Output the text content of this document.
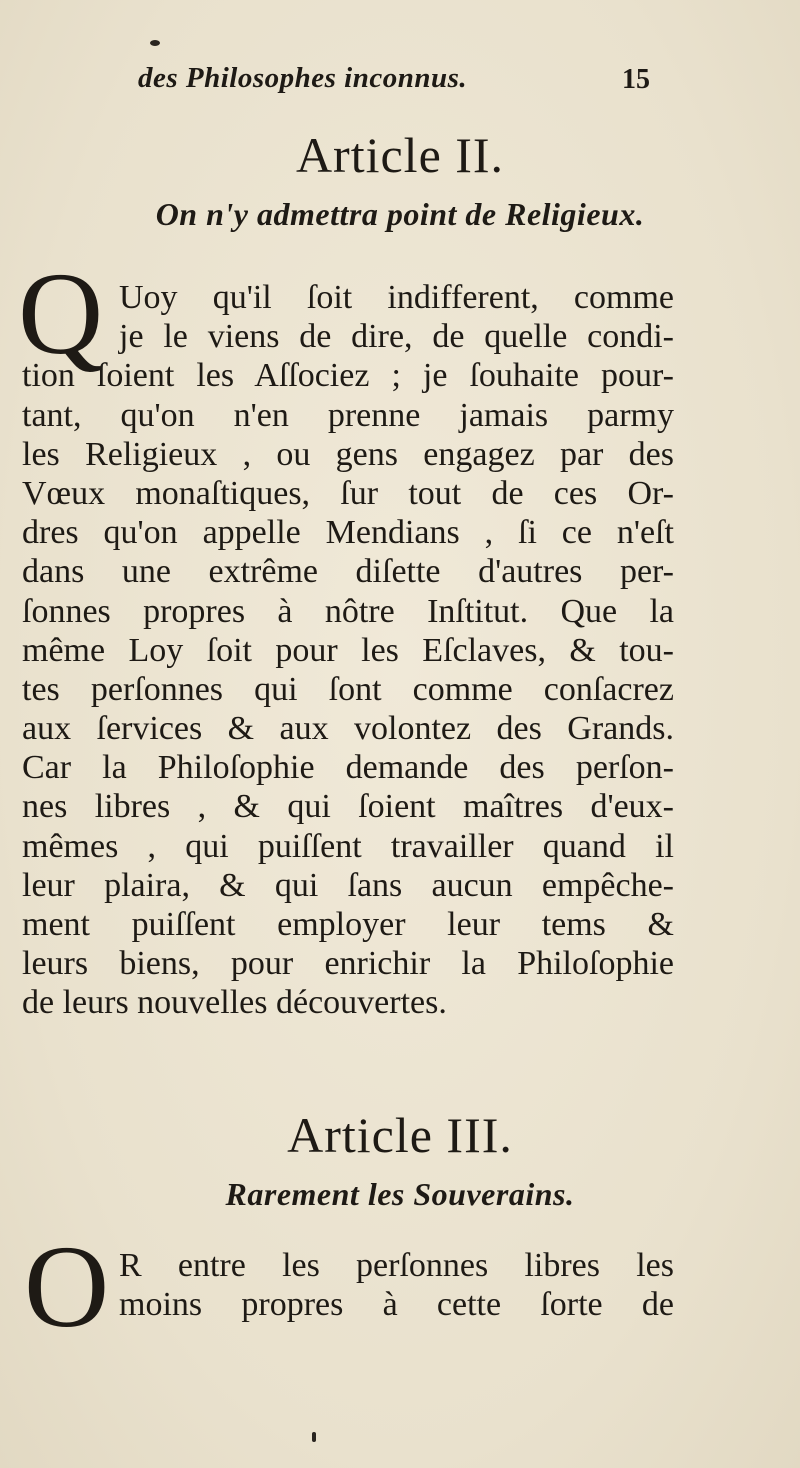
des Philosophes inconnus.	15
Article II.
On n'y admettra point de Religieux.
Q Uoy qu'il ſoit indifferent, comme
je le viens de dire, de quelle condi-
tion ſoient les Aſſociez ; je ſouhaite pour-
tant, qu'on n'en prenne jamais parmy
les Religieux , ou gens engagez par des
Vœux monaſtiques, ſur tout de ces Or-
dres qu'on appelle Mendians , ſi ce n'eſt
dans une extrême diſette d'autres per-
ſonnes propres à nôtre Inſtitut. Que la
même Loy ſoit pour les Eſclaves, & tou-
tes perſonnes qui ſont comme conſacrez
aux ſervices & aux volontez des Grands.
Car la Philoſophie demande des perſon-
nes libres , & qui ſoient maîtres d'eux-
mêmes , qui puiſſent travailler quand il
leur plaira, & qui ſans aucun empêche-
ment puiſſent employer leur tems &
leurs biens, pour enrichir la Philoſophie
de leurs nouvelles découvertes.
Article III.
Rarement les Souverains.
O R entre les perſonnes libres les
moins propres à cette ſorte de
